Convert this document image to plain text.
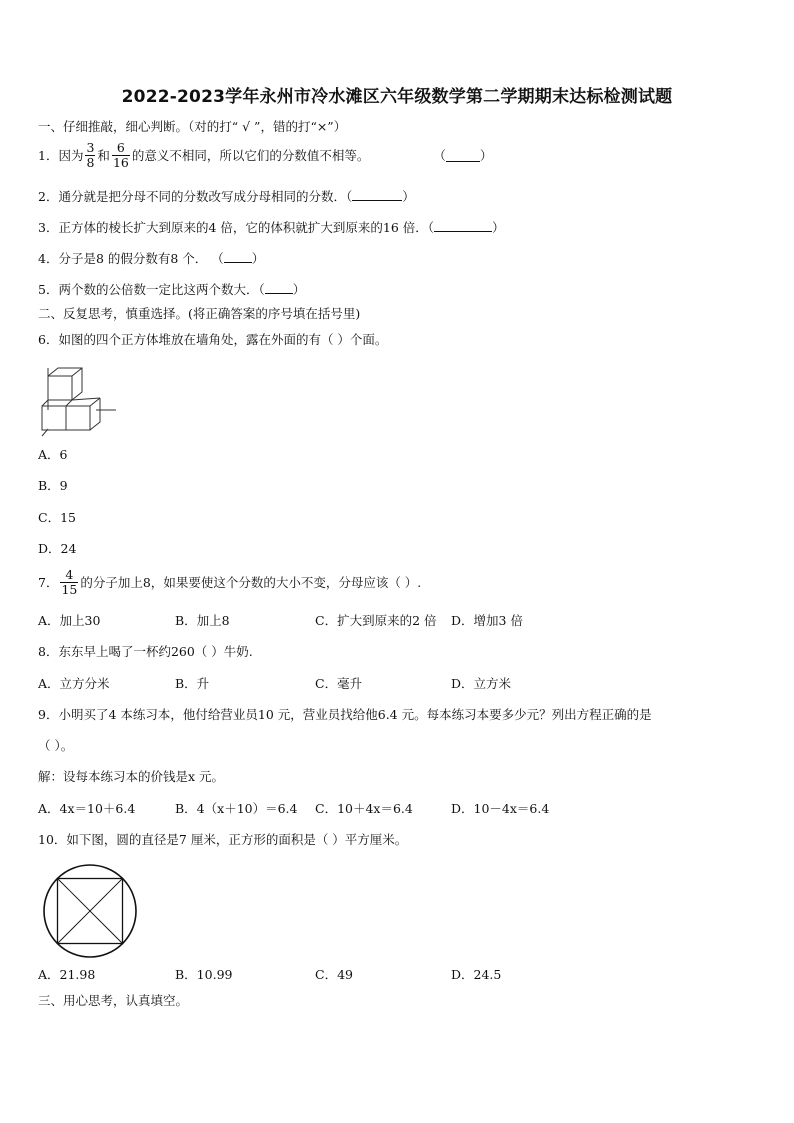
2022-2023学年永州市冷水滩区六年级数学第二学期期末达标检测试题
一、仔细推敲，细心判断。（对的打“ √ ”，错的打“×”）
1． 因为 $\frac{3}{8}$ 和 $\frac{6}{16}$ 的意义不相同，所以它们的分数值不相等。	（	）
2．通分就是把分母不同的分数改写成分母相同的分数．（	）
3．正方体的棱长扩大到原来的4 倍，它的体积就扩大到原来的16 倍．（	）
4．分子是8 的假分数有8 个． （ ）
5．两个数的公倍数一定比这两个数大．（ ）
二、反复思考，慎重选择。(将正确答案的序号填在括号里)
6．如图的四个正方体堆放在墙角处，露在外面的有（ ）个面。
A．6
B．9
C．15
D．24
7． $\frac{4}{15}$ 的分子加上8，如果要使这个分数的大小不变，分母应该（ ）.
A．加上30	B．加上8	C．扩大到原来的2 倍 D．增加3 倍
8．东东早上喝了一杯约260（ ）牛奶.
A．立方分米	B．升	C．毫升	D．立方米
9．小明买了4 本练习本，他付给营业员10 元，营业员找给他6.4 元。每本练习本要多少元？列出方程正确的是
（ ）。
解：设每本练习本的价钱是x 元。
A．4x＝10＋6.4	B．4（x＋10）＝6.4 C．10＋4x＝6.4	D．10－4x＝6.4
10．如下图，圆的直径是7 厘米，正方形的面积是（ ）平方厘米。
A．21.98	B．10.99	C．49	D．24.5
三、用心思考，认真填空。
